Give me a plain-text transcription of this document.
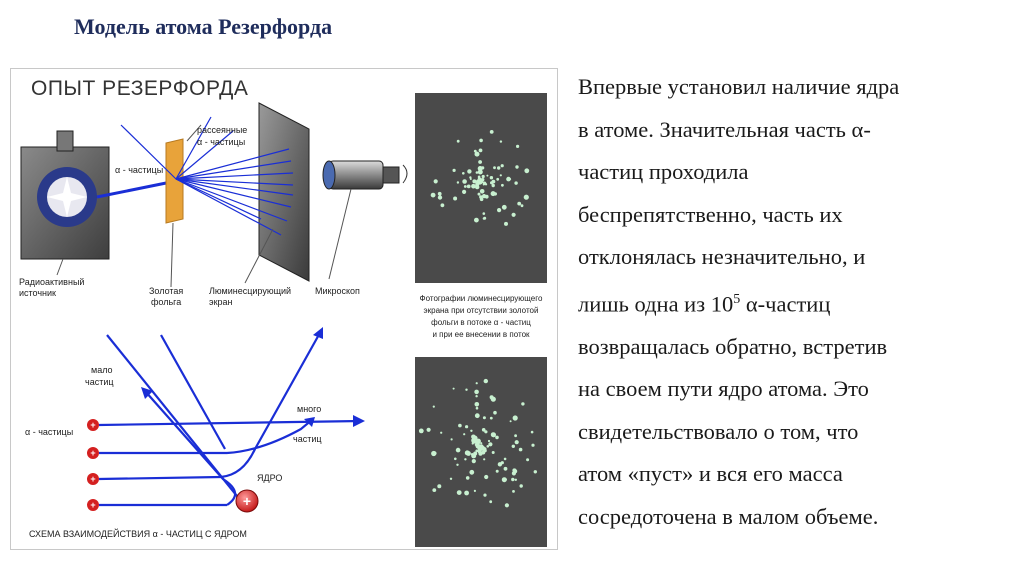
Модель атома Резерфорда
ОПЫТ РЕЗЕРФОРДА
рассеянные
α - частицы
α - частицы
Радиоактивный
источник	Золотая
фольга
Люминесцирующий
экран
Микроскоп
Фотографии люминесцирующего
экрана при отсутствии золотой
фольги в потоке α - частиц
и при ее внесении в поток
+
+
+
+	+
мало
частиц
α - частицы
много
частиц
ЯДРО
СХЕМА ВЗАИМОДЕЙСТВИЯ α - ЧАСТИЦ С ЯДРОМ

Впервые установил наличие ядра

в атоме. Значительная часть α-

частиц проходила

беспрепятственно, часть их

отклонялась незначительно, и

лишь одна из $10^5$ α-частиц

возвращалась обратно, встретив

на своем пути ядро атома. Это

свидетельствовало о том, что

атом «пуст» и вся его масса

сосредоточена в малом объеме.
